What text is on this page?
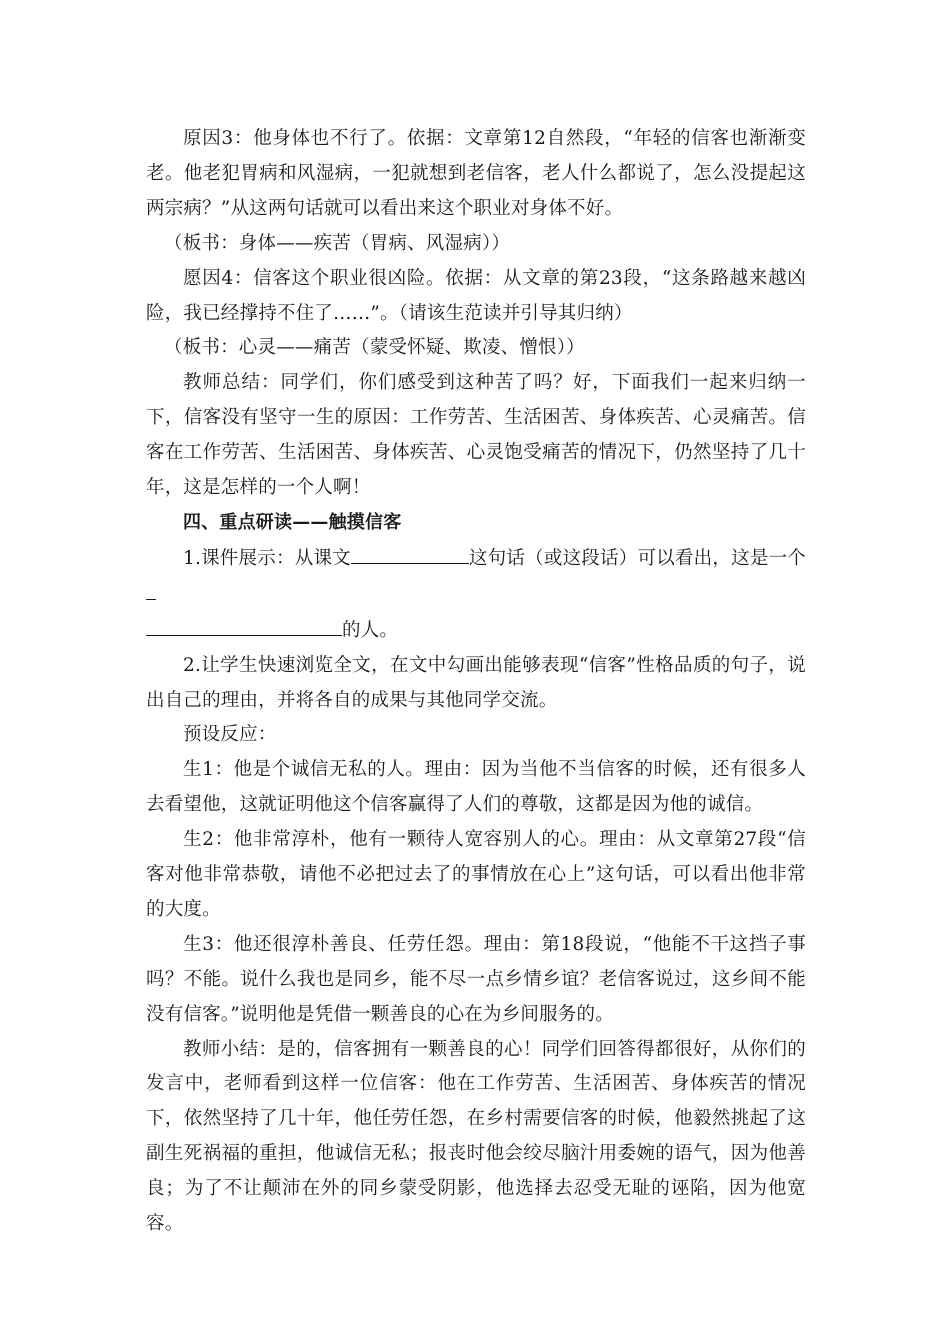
原因3：他身体也不行了。依据：文章第12自然段，“年轻的信客也渐渐变老。他老犯胃病和风湿病，一犯就想到老信客，老人什么都说了，怎么没提起这两宗病？”从这两句话就可以看出来这个职业对身体不好。

（板书：身体——疾苦（胃病、风湿病））

愿因4：信客这个职业很凶险。依据：从文章的第23段，“这条路越来越凶险，我已经撑持不住了……”。（请该生范读并引导其归纳）

（板书：心灵——痛苦（蒙受怀疑、欺凌、憎恨））

教师总结：同学们，你们感受到这种苦了吗？好，下面我们一起来归纳一下，信客没有坚守一生的原因：工作劳苦、生活困苦、身体疾苦、心灵痛苦。信客在工作劳苦、生活困苦、身体疾苦、心灵饱受痛苦的情况下，仍然坚持了几十年，这是怎样的一个人啊！

四、重点研读——触摸信客

1.课件展示：从课文	这句话（或这段话）可以看出，这是一个

的人。

2.让学生快速浏览全文，在文中勾画出能够表现“信客”性格品质的句子，说出自己的理由，并将各自的成果与其他同学交流。

预设反应：

生1：他是个诚信无私的人。理由：因为当他不当信客的时候，还有很多人去看望他，这就证明他这个信客赢得了人们的尊敬，这都是因为他的诚信。

生2：他非常淳朴，他有一颗待人宽容别人的心。理由：从文章第27段“信客对他非常恭敬，请他不必把过去了的事情放在心上”这句话，可以看出他非常的大度。

生3：他还很淳朴善良、任劳任怨。理由：第18段说，“他能不干这挡子事吗？不能。说什么我也是同乡，能不尽一点乡情乡谊？老信客说过，这乡间不能没有信客。”说明他是凭借一颗善良的心在为乡间服务的。

教师小结：是的，信客拥有一颗善良的心！同学们回答得都很好，从你们的发言中，老师看到这样一位信客：他在工作劳苦、生活困苦、身体疾苦的情况下，依然坚持了几十年，他任劳任怨，在乡村需要信客的时候，他毅然挑起了这副生死祸福的重担，他诚信无私；报丧时他会绞尽脑汁用委婉的语气，因为他善良；为了不让颠沛在外的同乡蒙受阴影，他选择去忍受无耻的诬陷，因为他宽容。
